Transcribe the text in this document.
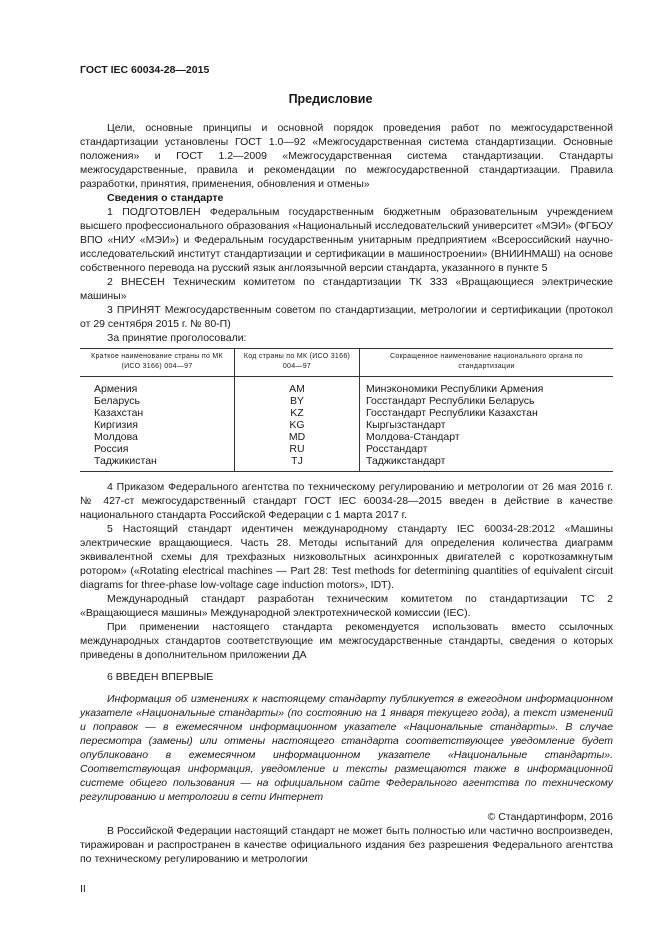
ГОСТ IEC 60034-28—2015
Предисловие

Цели, основные принципы и основной порядок проведения работ по межгосударственной стандартизации установлены ГОСТ 1.0—92 «Межгосударственная система стандартизации. Основные положения» и ГОСТ 1.2—2009 «Межгосударственная система стандартизации. Стандарты межгосударственные, правила и рекомендации по межгосударственной стандартизации. Правила разработки, принятия, применения, обновления и отмены»

Сведения о стандарте

1 ПОДГОТОВЛЕН Федеральным государственным бюджетным образовательным учреждением высшего профессионального образования «Национальный исследовательский университет «МЭИ» (ФГБОУ ВПО «НИУ «МЭИ») и Федеральным государственным унитарным предприятием «Всероссийский научно-исследовательский институт стандартизации и сертификации в машиностроении» (ВНИИНМАШ) на основе собственного перевода на русский язык англоязычной версии стандарта, указанного в пункте 5

2 ВНЕСЕН Техническим комитетом по стандартизации ТК 333 «Вращающиеся электрические машины»

3 ПРИНЯТ Межгосударственным советом по стандартизации, метрологии и сертификации (протокол от 29 сентября 2015 г. № 80-П)

За принятие проголосовали:

Краткое наименование страны по МК (ИСО 3166) 004—97	Код страны по МК (ИСО 3166) 004—97	Сокращенное наименование национального органа по стандартизации
Армения	AM	Минэкономики Республики Армения
Беларусь	BY	Госстандарт Республики Беларусь
Казахстан	KZ	Госстандарт Республики Казахстан
Киргизия	KG	Кыргызстандарт
Молдова	MD	Молдова-Стандарт
Россия	RU	Росстандарт
Таджикистан	TJ	Таджикстандарт

4 Приказом Федерального агентства по техническому регулированию и метрологии от 26 мая 2016 г. № 427-ст межгосударственный стандарт ГОСТ IEC 60034-28—2015 введен в действие в качестве национального стандарта Российской Федерации с 1 марта 2017 г.

5 Настоящий стандарт идентичен международному стандарту IEC 60034-28:2012 «Машины электрические вращающиеся. Часть 28. Методы испытаний для определения количества диаграмм эквивалентной схемы для трехфазных низковольтных асинхронных двигателей с короткозамкнутым ротором» («Rotating electrical machines — Part 28: Test methods for determining quantities of equivalent circuit diagrams for three-phase low-voltage cage induction motors», IDT).

Международный стандарт разработан техническим комитетом по стандартизации ТС 2 «Вращающиеся машины» Международной электротехнической комиссии (IEC).

При применении настоящего стандарта рекомендуется использовать вместо ссылочных международных стандартов соответствующие им межгосударственные стандарты, сведения о которых приведены в дополнительном приложении ДА

6 ВВЕДЕН ВПЕРВЫЕ

Информация об изменениях к настоящему стандарту публикуется в ежегодном информационном указателе «Национальные стандарты» (по состоянию на 1 января текущего года), а текст изменений и поправок — в ежемесячном информационном указателе «Национальные стандарты». В случае пересмотра (замены) или отмены настоящего стандарта соответствующее уведомление будет опубликовано в ежемесячном информационном указателе «Национальные стандарты». Соответствующая информация, уведомление и тексты размещаются также в информационной системе общего пользования — на официальном сайте Федерального агентства по техническому регулированию и метрологии в сети Интернет

© Стандартинформ, 2016

В Российской Федерации настоящий стандарт не может быть полностью или частично воспроизведен, тиражирован и распространен в качестве официального издания без разрешения Федерального агентства по техническому регулированию и метрологии

II
